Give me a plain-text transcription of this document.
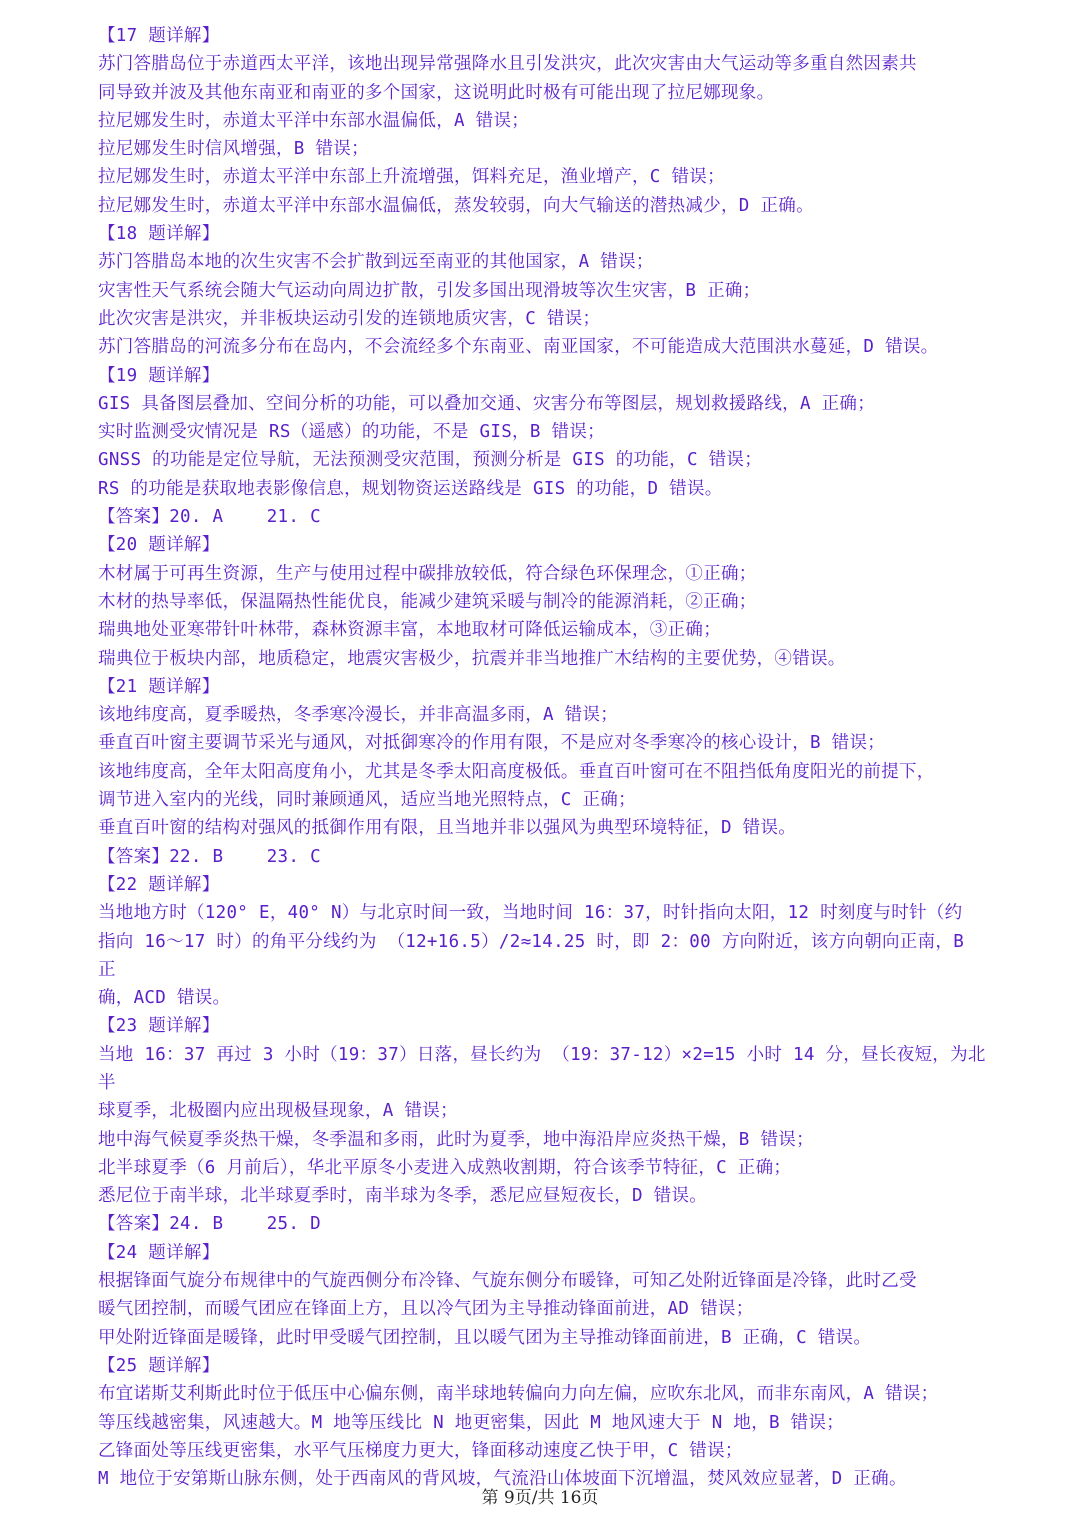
【17 题详解】
苏门答腊岛位于赤道西太平洋，该地出现异常强降水且引发洪灾，此次灾害由大气运动等多重自然因素共
同导致并波及其他东南亚和南亚的多个国家，这说明此时极有可能出现了拉尼娜现象。
拉尼娜发生时，赤道太平洋中东部水温偏低，A 错误；
拉尼娜发生时信风增强，B 错误；
拉尼娜发生时，赤道太平洋中东部上升流增强，饵料充足，渔业增产，C 错误；
拉尼娜发生时，赤道太平洋中东部水温偏低，蒸发较弱，向大气输送的潜热减少，D 正确。
【18 题详解】
苏门答腊岛本地的次生灾害不会扩散到远至南亚的其他国家，A 错误；
灾害性天气系统会随大气运动向周边扩散，引发多国出现滑坡等次生灾害，B 正确；
此次灾害是洪灾，并非板块运动引发的连锁地质灾害，C 错误；
苏门答腊岛的河流多分布在岛内，不会流经多个东南亚、南亚国家，不可能造成大范围洪水蔓延，D 错误。
【19 题详解】
GIS 具备图层叠加、空间分析的功能，可以叠加交通、灾害分布等图层，规划救援路线，A 正确；
实时监测受灾情况是 RS（遥感）的功能，不是 GIS，B 错误；
GNSS 的功能是定位导航，无法预测受灾范围，预测分析是 GIS 的功能，C 错误；
RS 的功能是获取地表影像信息，规划物资运送路线是 GIS 的功能，D 错误。
【答案】20. A    21. C
【20 题详解】
木材属于可再生资源，生产与使用过程中碳排放较低，符合绿色环保理念，①正确；
木材的热导率低，保温隔热性能优良，能减少建筑采暖与制冷的能源消耗，②正确；
瑞典地处亚寒带针叶林带，森林资源丰富，本地取材可降低运输成本，③正确；
瑞典位于板块内部，地质稳定，地震灾害极少，抗震并非当地推广木结构的主要优势，④错误。
【21 题详解】
该地纬度高，夏季暖热，冬季寒冷漫长，并非高温多雨，A 错误；
垂直百叶窗主要调节采光与通风，对抵御寒冷的作用有限，不是应对冬季寒冷的核心设计，B 错误；
该地纬度高，全年太阳高度角小，尤其是冬季太阳高度极低。垂直百叶窗可在不阻挡低角度阳光的前提下，
调节进入室内的光线，同时兼顾通风，适应当地光照特点，C 正确；
垂直百叶窗的结构对强风的抵御作用有限，且当地并非以强风为典型环境特征，D 错误。
【答案】22. B    23. C
【22 题详解】
当地地方时（120° E，40° N）与北京时间一致，当地时间 16：37，时针指向太阳，12 时刻度与时针（约
指向 16～17 时）的角平分线约为 （12+16.5）/2≈14.25 时，即 2：00 方向附近，该方向朝向正南，B 正
确，ACD 错误。
【23 题详解】
当地 16：37 再过 3 小时（19：37）日落，昼长约为 （19：37-12）×2=15 小时 14 分，昼长夜短，为北半
球夏季，北极圈内应出现极昼现象，A 错误；
地中海气候夏季炎热干燥，冬季温和多雨，此时为夏季，地中海沿岸应炎热干燥，B 错误；
北半球夏季（6 月前后），华北平原冬小麦进入成熟收割期，符合该季节特征，C 正确；
悉尼位于南半球，北半球夏季时，南半球为冬季，悉尼应昼短夜长，D 错误。
【答案】24. B    25. D
【24 题详解】
根据锋面气旋分布规律中的气旋西侧分布冷锋、气旋东侧分布暖锋，可知乙处附近锋面是冷锋，此时乙受
暖气团控制，而暖气团应在锋面上方，且以冷气团为主导推动锋面前进，AD 错误；
甲处附近锋面是暖锋，此时甲受暖气团控制，且以暖气团为主导推动锋面前进，B 正确，C 错误。
【25 题详解】
布宜诺斯艾利斯此时位于低压中心偏东侧，南半球地转偏向力向左偏，应吹东北风，而非东南风，A 错误；
等压线越密集，风速越大。M 地等压线比 N 地更密集，因此 M 地风速大于 N 地，B 错误；
乙锋面处等压线更密集，水平气压梯度力更大，锋面移动速度乙快于甲，C 错误；
M 地位于安第斯山脉东侧，处于西南风的背风坡，气流沿山体坡面下沉增温，焚风效应显著，D 正确。
第 9页/共 16页
